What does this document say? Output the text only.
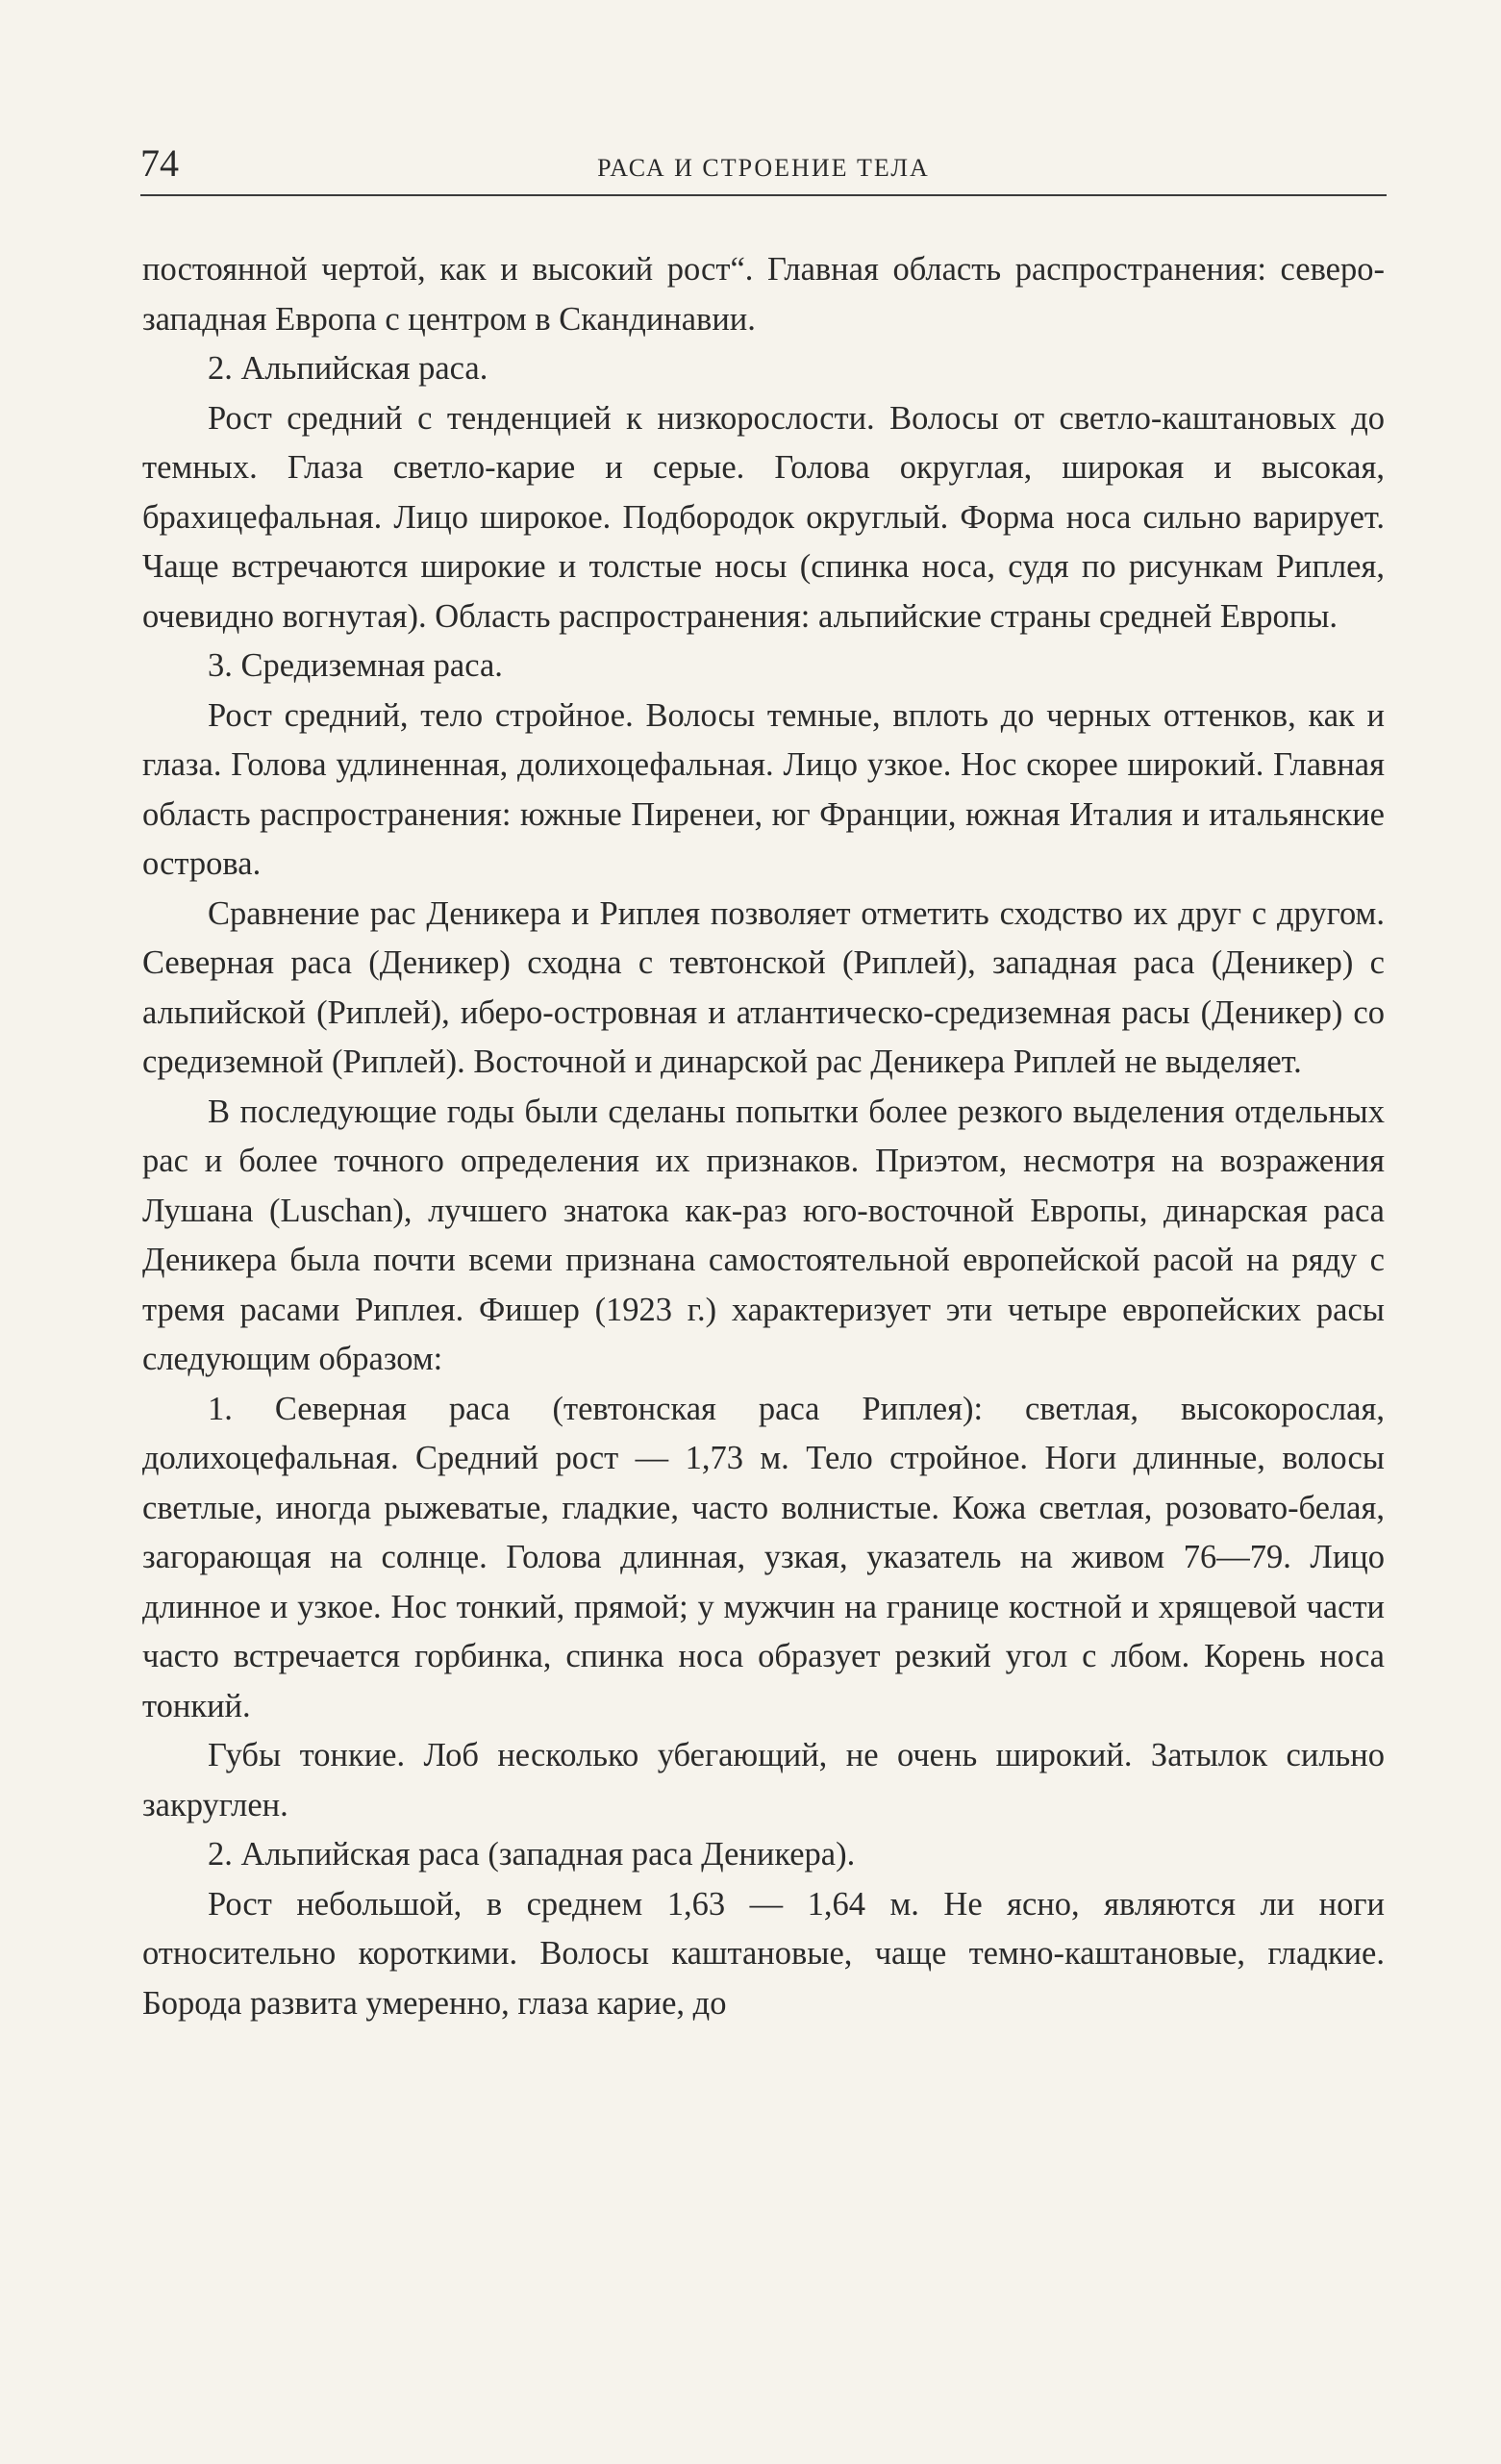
74	РАСА И СТРОЕНИЕ ТЕЛА

постоянной чертой, как и высокий рост“. Главная область распространения: северо-западная Европа с центром в Скандинавии.

2. Альпийская раса.

Рост средний с тенденцией к низкорослости. Волосы от светло-каштановых до темных. Глаза светло-карие и серые. Голова округлая, широкая и высокая, брахицефальная. Лицо широкое. Подбородок округлый. Форма носа сильно варирует. Чаще встречаются широкие и толстые носы (спинка носа, судя по рисункам Риплея, очевидно вогнутая). Область распространения: альпийские страны средней Европы.

3. Средиземная раса.

Рост средний, тело стройное. Волосы темные, вплоть до черных оттенков, как и глаза. Голова удлиненная, долихоцефальная. Лицо узкое. Нос скорее широкий. Главная область распространения: южные Пиренеи, юг Франции, южная Италия и итальянские острова.

Сравнение рас Деникера и Риплея позволяет отметить сходство их друг с другом. Северная раса (Деникер) сходна с тевтонской (Риплей), западная раса (Деникер) с альпийской (Риплей), иберо-островная и атлантическо-средиземная расы (Деникер) со средиземной (Риплей). Восточной и динарской рас Деникера Риплей не выделяет.

В последующие годы были сделаны попытки более резкого выделения отдельных рас и более точного определения их признаков. Приэтом, несмотря на возражения Лушана (Luschan), лучшего знатока как-раз юго-восточной Европы, динарская раса Деникера была почти всеми признана самостоятельной европейской расой на ряду с тремя расами Риплея. Фишер (1923 г.) характеризует эти четыре европейских расы следующим образом:

1. Северная раса (тевтонская раса Риплея): светлая, высокорослая, долихоцефальная. Средний рост — 1,73 м. Тело стройное. Ноги длинные, волосы светлые, иногда рыжеватые, гладкие, часто волнистые. Кожа светлая, розовато-белая, загорающая на солнце. Голова длинная, узкая, указатель на живом 76—79. Лицо длинное и узкое. Нос тонкий, прямой; у мужчин на границе костной и хрящевой части часто встречается горбинка, спинка носа образует резкий угол с лбом. Корень носа тонкий.

Губы тонкие. Лоб несколько убегающий, не очень широкий. Затылок сильно закруглен.

2. Альпийская раса (западная раса Деникера).

Рост небольшой, в среднем 1,63 — 1,64 м. Не ясно, являются ли ноги относительно короткими. Волосы каштановые, чаще темно-каштановые, гладкие. Борода развита умеренно, глаза карие, до
